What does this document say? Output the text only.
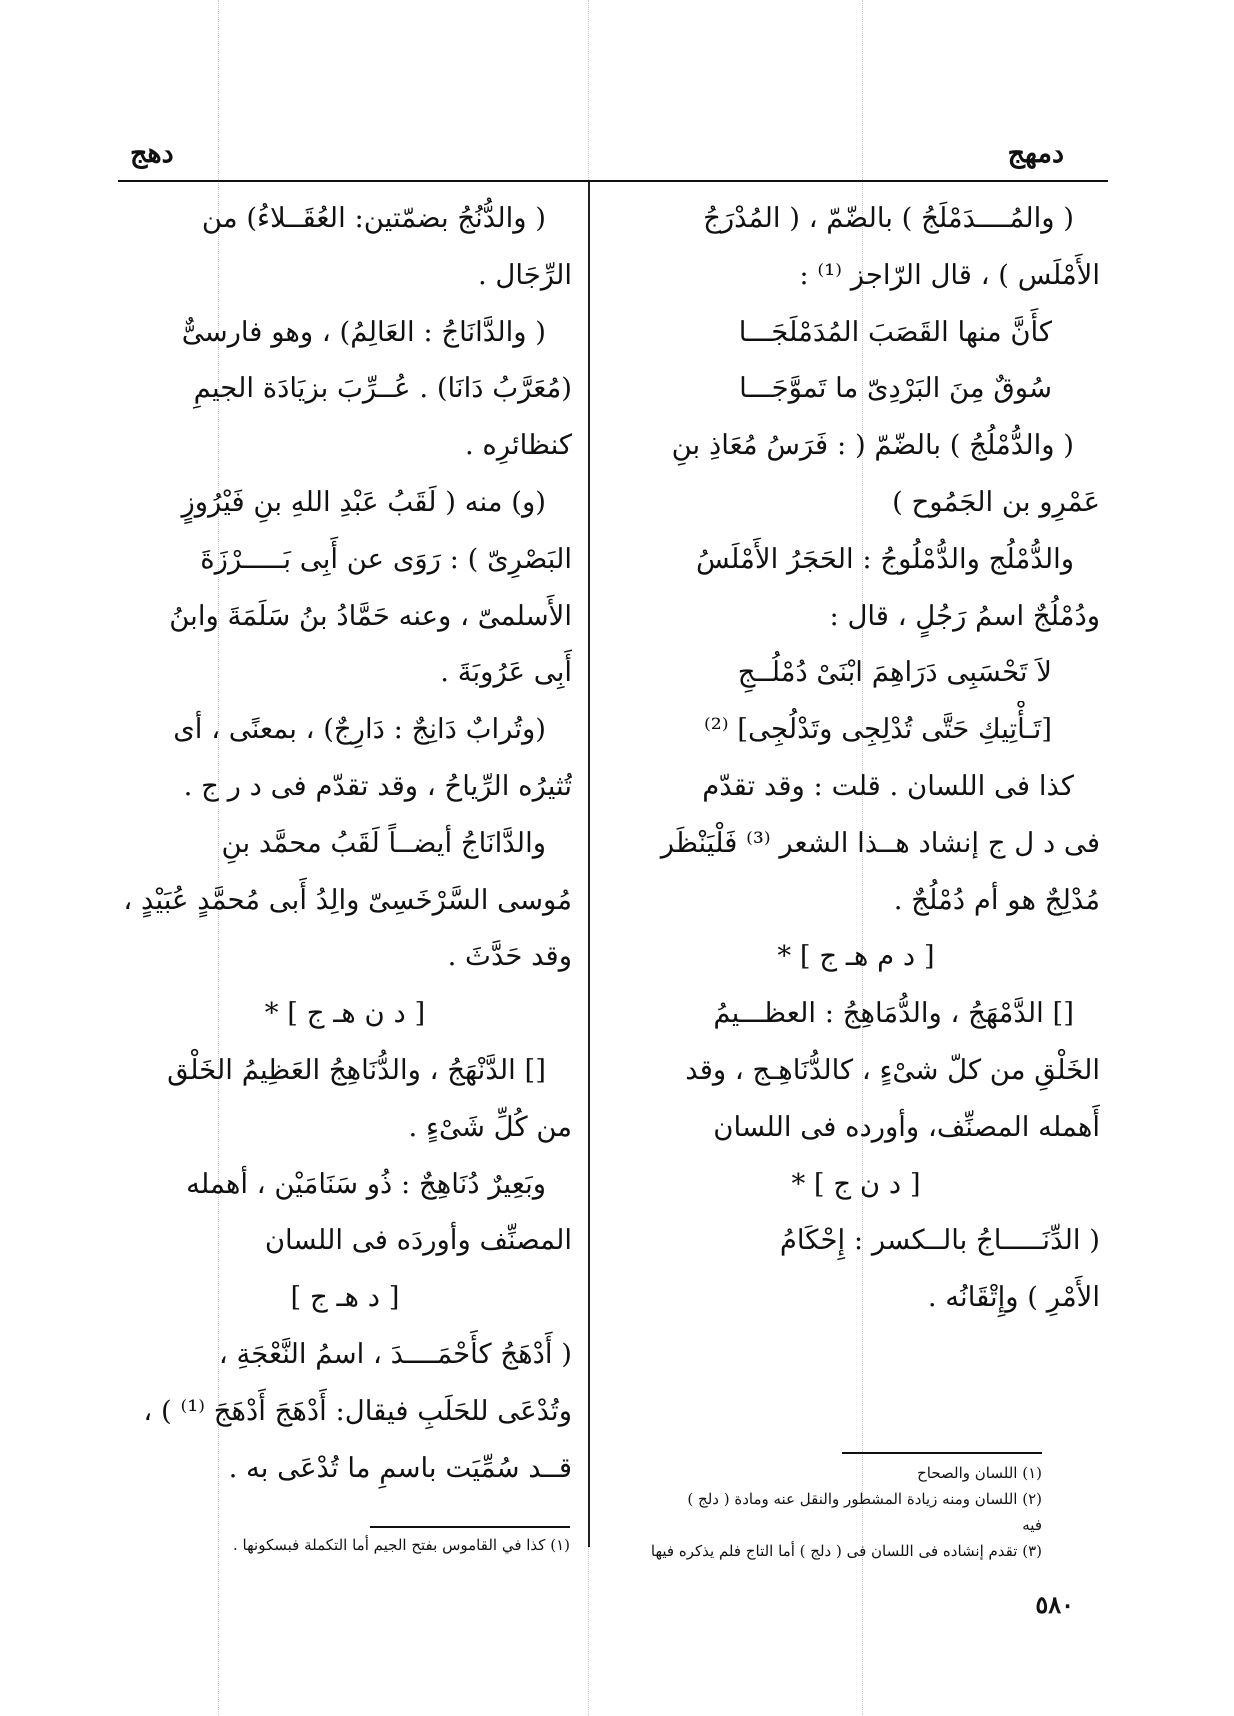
دمهج
دهج
( والمُــــدَمْلَجُ ) بالضّمّ ، ( المُدْرَجُ
الأَمْلَس ) ، قال الرّاجز ⁽¹⁾ :
كأَنَّ منها القَصَبَ المُدَمْلَجَـــا
سُوقٌ مِنَ البَرْدِىّ ما تَموَّجَـــا
( والدُّمْلُجُ ) بالضّمّ ( : فَرَسُ مُعَاذِ بنِ
عَمْرِو بن الجَمُوح )
والدُّمْلُج والدُّمْلُوجُ : الحَجَرُ الأَمْلَسُ
ودُمْلُجٌ اسمُ رَجُلٍ ، قال :
لاَ تَحْسَبِى دَرَاهِمَ ابْنَىْ دُمْلُــجِ
[تَـأْتِيكِ حَتَّى تُدْلِجِى وتَدْلُجِى] ⁽²⁾
كذا فى اللسان . قلت : وقد تقدّم
فى د ل ج إنشاد هــذا الشعر ⁽³⁾ فَلْيَنْظَر
مُدْلِجٌ هو أم دُمْلُجٌ .
[ د م هـ ج ] *
[] الدَّمْهَجُ ، والدُّمَاهِجُ : العظـــيمُ
الخَلْقِ من كلّ شىْءٍ ، كالدُّنَاهِـج ، وقد
أَهمله المصنِّف، وأورده فى اللسان
[ د ن ج ] *
( الدِّنَـــــاجُ بالــكسر : إِحْكَامُ
الأَمْرِ ) وإِتْقَانُه .
( والدُّنُجُ بضمّتين: العُقَــلاءُ) من
الرِّجَال .
( والدَّانَاجُ : العَالِمُ) ، وهو فارسىٌّ
(مُعَرَّبُ دَانَا) . عُــرِّبَ بزيَادَة الجيمِ
كنظائرِه .
(و) منه ( لَقَبُ عَبْدِ اللهِ بنِ فَيْرُوزٍ
البَصْرِىّ ) : رَوَى عن أَبِى بَـــــرْزَةَ
الأَسلمىّ ، وعنه حَمَّادُ بنُ سَلَمَةَ وابنُ
أَبِى عَرُوبَةَ .
(وتُرابٌ دَانِجٌ : دَارِجٌ) ، بمعنًى ، أى
تُثيرُه الرِّياحُ ، وقد تقدّم فى د ر ج .
والدَّانَاجُ أيضــاً لَقَبُ محمَّد بنِ
مُوسى السَّرْخَسِىّ والِدُ أَبى مُحمَّدٍ عُبَيْدٍ ،
وقد حَدَّثَ .
[ د ن هـ ج ] *
[] الدَّنْهَجُ ، والدُّنَاهِجُ العَظِيمُ الخَلْق
من كُلِّ شَىْءٍ .
وبَعِيرٌ دُنَاهِجٌ : ذُو سَنَامَيْن ، أهمله
المصنِّف وأوردَه فى اللسان
[ د هـ ج ]
( أَدْهَجُ كأَحْمَــــدَ ، اسمُ النَّعْجَةِ ،
وتُدْعَى للحَلَبِ فيقال: أَدْهَجَ أَدْهَجَ ⁽¹⁾ ) ،
قــد سُمِّيَت باسمِ ما تُدْعَى به .	(١) اللسان والصحاح
(٢) اللسان ومنه زيادة المشطور والنقل عنه ومادة ( دلج )
فيه
(٣) تقدم إنشاده فى اللسان فى ( دلج ) أما التاج فلم يذكره فيها
(١) كذا في القاموس بفتح الجيم أما التكملة فبسكونها .
٥٨٠
